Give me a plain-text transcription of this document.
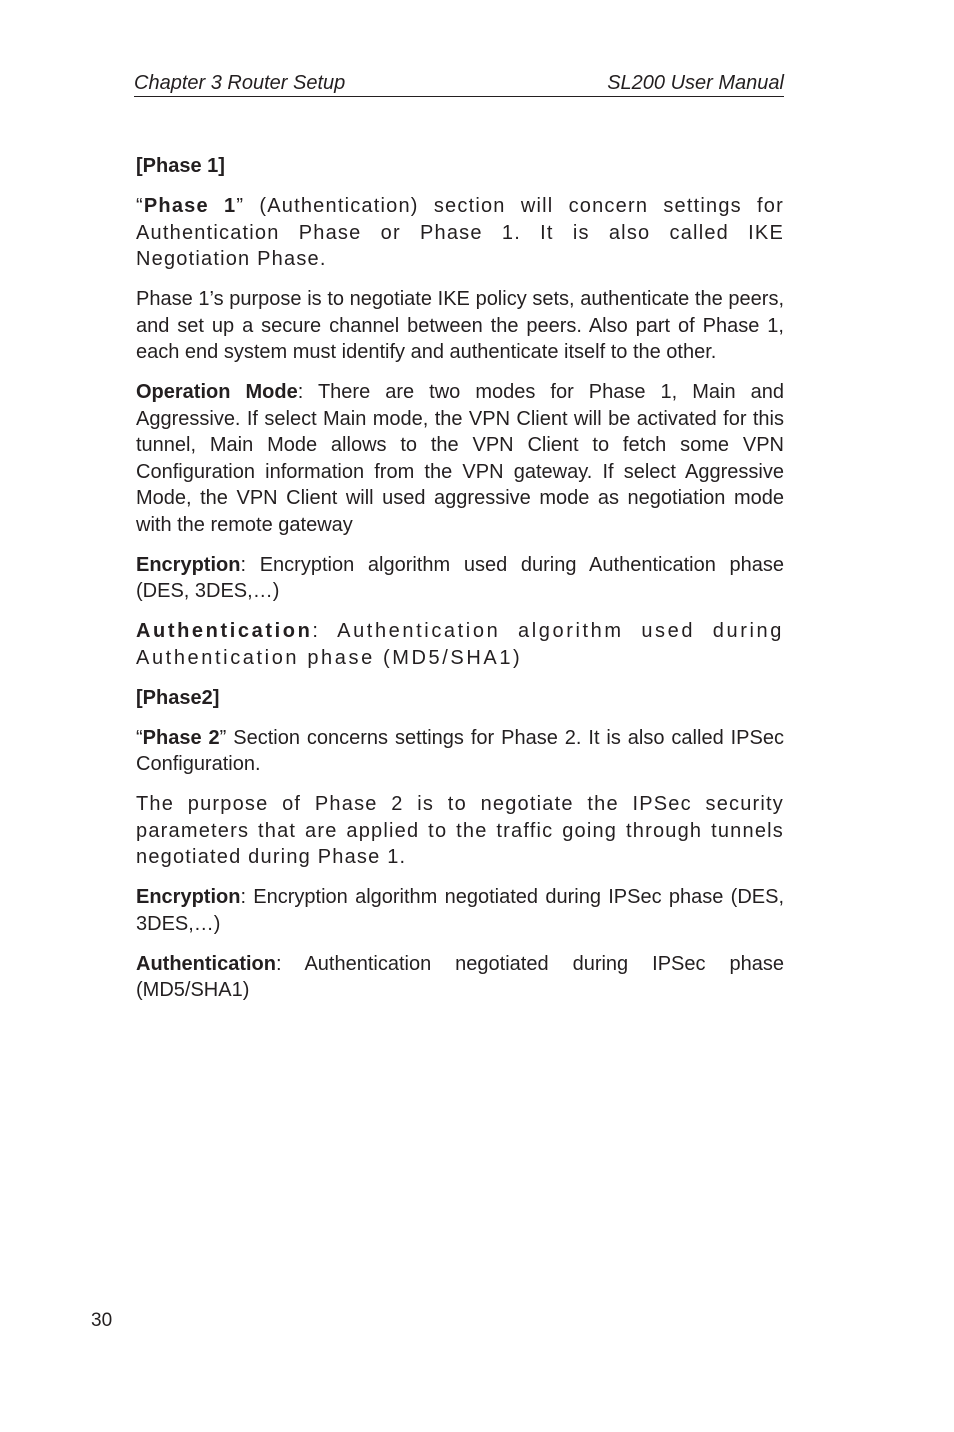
Chapter 3 Router Setup	SL200 User Manual
[Phase 1]

“Phase 1” (Authentication) section will concern settings for Authentication Phase or Phase 1. It is also called IKE Negotiation Phase.

Phase 1’s purpose is to negotiate IKE policy sets, authenticate the peers, and set up a secure channel between the peers. Also part of Phase 1, each end system must identify and authenticate itself to the other.

Operation Mode: There are two modes for Phase 1, Main and Aggressive. If select Main mode, the VPN Client will be activated for this tunnel, Main Mode allows to the VPN Client to fetch some VPN Configuration information from the VPN gateway. If select Aggressive Mode, the VPN Client will used aggressive mode as negotiation mode with the remote gateway

Encryption: Encryption algorithm used during Authentication phase (DES, 3DES,…)

Authentication: Authentication algorithm used during Authentication phase (MD5/SHA1)

[Phase2]

“Phase 2” Section concerns settings for Phase 2. It is also called IPSec Configuration.

The purpose of Phase 2 is to negotiate the IPSec security parameters that are applied to the traffic going through tunnels negotiated during Phase 1.

Encryption: Encryption algorithm negotiated during IPSec phase (DES, 3DES,…)

Authentication: Authentication negotiated during IPSec phase (MD5/SHA1)

30
